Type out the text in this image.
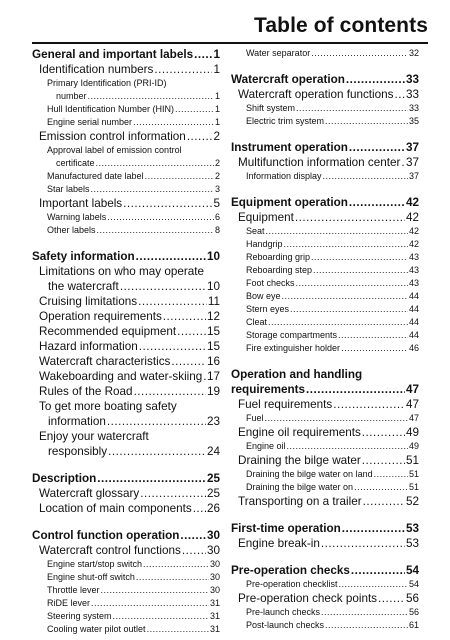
Table of contents
General and important labels ..... 1
Identification numbers .....	1
Primary Identification (PRI-ID)
number .....	1
Hull Identification Number (HIN) .....	1
Engine serial number .....	1
Emission control information ..... 2
Approval label of emission control
certificate .....	2
Manufactured date label .....	2
Star labels .....	3
Important labels .....	5
Warning labels .....	6
Other labels .....	8
Safety information .....	10
Limitations on who may operate
the watercraft .....	10
Cruising limitations .....	11
Operation requirements .....	12
Recommended equipment .....	15
Hazard information .....	15
Watercraft characteristics .....	16
Wakeboarding and water-skiing ..... 17
Rules of the Road .....	19
To get more boating safety
information .....	23
Enjoy your watercraft
responsibly .....	24
Description .....	25
Watercraft glossary .....	25
Location of main components ..... 26
Control function operation ..... 30
Watercraft control functions ..... 30
Engine start/stop switch .....	30
Engine shut-off switch .....	30
Throttle lever .....	30
RiDE lever .....	31
Steering system .....	31
Cooling water pilot outlet .....	31
Water separator .....	32
Watercraft operation .....	33
Watercraft operation functions ..... 33
Shift system .....	33
Electric trim system .....	35
Instrument operation .....	37
Multifunction information center ..... 37
Information display .....	37
Equipment operation .....	42
Equipment .....	42
Seat .....	42
Handgrip .....	42
Reboarding grip .....	43
Reboarding step .....	43
Foot checks .....	43
Bow eye .....	44
Stern eyes .....	44
Cleat .....	44
Storage compartments .....	44
Fire extinguisher holder .....	46
Operation and handling
requirements .....	47
Fuel requirements .....	47
Fuel .....	47
Engine oil requirements .....	49
Engine oil .....	49
Draining the bilge water .....	51
Draining the bilge water on land .....	51
Draining the bilge water on .....	51
Transporting on a trailer .....	52
First-time operation .....	53
Engine break-in .....	53
Pre-operation checks .....	54
Pre-operation checklist .....	54
Pre-operation check points ..... 56
Pre-launch checks .....	56
Post-launch checks .....	61
